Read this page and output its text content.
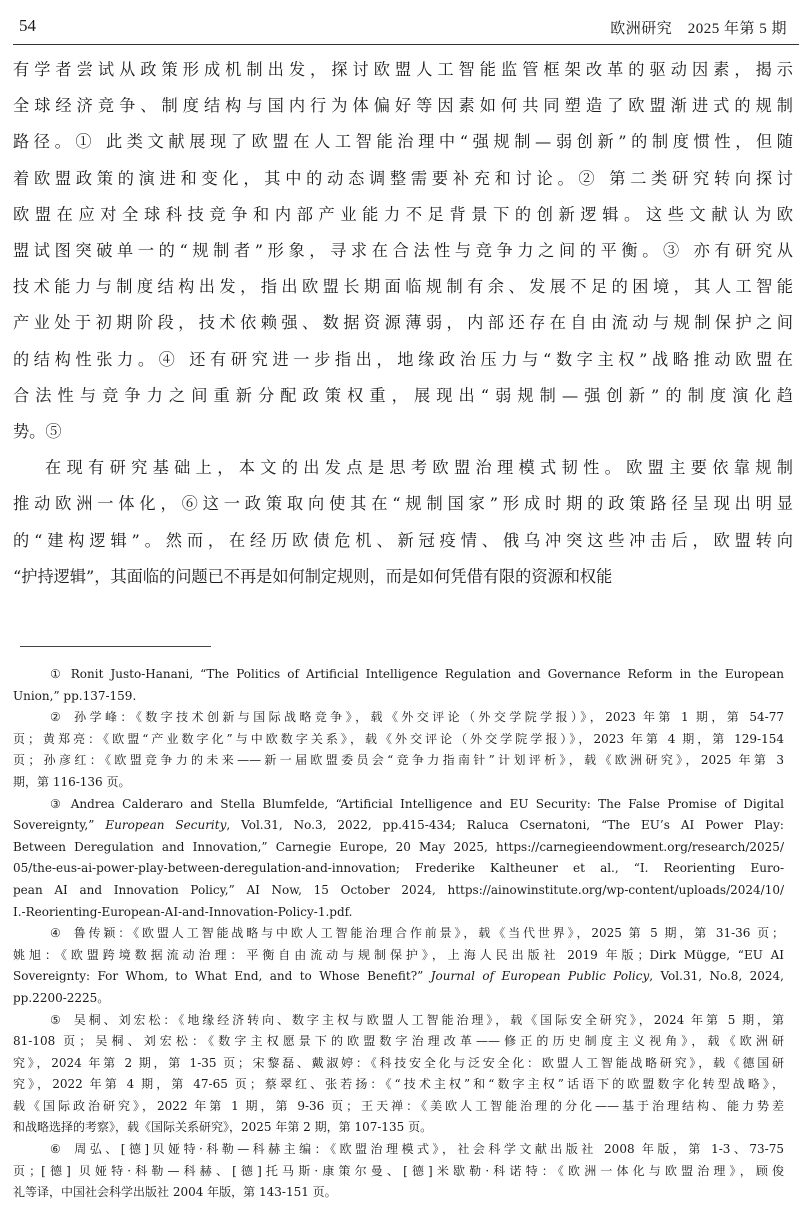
54	欧洲研究　2025 年第 5 期
有学者尝试从政策形成机制出发，探讨欧盟人工智能监管框架改革的驱动因素，揭示
全球经济竞争、制度结构与国内行为体偏好等因素如何共同塑造了欧盟渐进式的规制
路径。① 此类文献展现了欧盟在人工智能治理中“强规制—弱创新”的制度惯性，但随
着欧盟政策的演进和变化，其中的动态调整需要补充和讨论。② 第二类研究转向探讨
欧盟在应对全球科技竞争和内部产业能力不足背景下的创新逻辑。这些文献认为欧
盟试图突破单一的“规制者”形象，寻求在合法性与竞争力之间的平衡。③ 亦有研究从
技术能力与制度结构出发，指出欧盟长期面临规制有余、发展不足的困境，其人工智能
产业处于初期阶段，技术依赖强、数据资源薄弱，内部还存在自由流动与规制保护之间
的结构性张力。④ 还有研究进一步指出，地缘政治压力与“数字主权”战略推动欧盟在
合法性与竞争力之间重新分配政策权重，展现出“弱规制—强创新”的制度演化趋
势。⑤
在现有研究基础上，本文的出发点是思考欧盟治理模式韧性。欧盟主要依靠规制
推动欧洲一体化，⑥这一政策取向使其在“规制国家”形成时期的政策路径呈现出明显
的“建构逻辑”。然而，在经历欧债危机、新冠疫情、俄乌冲突这些冲击后，欧盟转向
“护持逻辑”，其面临的问题已不再是如何制定规则，而是如何凭借有限的资源和权能
① Ronit Justo-Hanani, “The Politics of Artificial Intelligence Regulation and Governance Reform in the European
Union,” pp.137-159.
② 孙学峰：《数字技术创新与国际战略竞争》，载《外交评论（外交学院学报）》，2023 年第 1 期，第 54-77
页；黄郑亮：《欧盟“产业数字化”与中欧数字关系》，载《外交评论（外交学院学报）》，2023 年第 4 期，第 129-154
页；孙彦红：《欧盟竞争力的未来——新一届欧盟委员会“竞争力指南针”计划评析》，载《欧洲研究》，2025 年第 3
期，第 116-136 页。
③ Andrea Calderaro and Stella Blumfelde, “Artificial Intelligence and EU Security: The False Promise of Digital
Sovereignty,” European Security, Vol.31, No.3, 2022, pp.415-434; Raluca Csernatoni, “The EU’s AI Power Play:
Between Deregulation and Innovation,” Carnegie Europe, 20 May 2025, https://carnegieendowment.org/research/2025/
05/the-eus-ai-power-play-between-deregulation-and-innovation; Frederike Kaltheuner et al., “I. Reorienting Euro-
pean AI and Innovation Policy,” AI Now, 15 October 2024, https://ainowinstitute.org/wp-content/uploads/2024/10/
I.-Reorienting-European-AI-and-Innovation-Policy-1.pdf.
④ 鲁传颖：《欧盟人工智能战略与中欧人工智能治理合作前景》，载《当代世界》，2025 第 5 期，第 31-36 页；
姚旭：《欧盟跨境数据流动治理：平衡自由流动与规制保护》，上海人民出版社 2019 年版；Dirk Mügge, “EU AI
Sovereignty: For Whom, to What End, and to Whose Benefit?” Journal of European Public Policy, Vol.31, No.8, 2024,
pp.2200-2225。
⑤ 吴桐、刘宏松：《地缘经济转向、数字主权与欧盟人工智能治理》，载《国际安全研究》，2024 年第 5 期，第
81-108 页；吴桐、刘宏松：《数字主权愿景下的欧盟数字治理改革——修正的历史制度主义视角》，载《欧洲研
究》，2024 年第 2 期，第 1-35 页；宋黎磊、戴淑婷：《科技安全化与泛安全化：欧盟人工智能战略研究》，载《德国研
究》，2022 年第 4 期，第 47-65 页；蔡翠红、张若扬：《“技术主权”和“数字主权”话语下的欧盟数字化转型战略》，
载《国际政治研究》，2022 年第 1 期，第 9-36 页；王天禅：《美欧人工智能治理的分化——基于治理结构、能力势差
和战略选择的考察》，载《国际关系研究》，2025 年第 2 期，第 107-135 页。
⑥ 周弘、[德]贝娅特·科勒—科赫主编：《欧盟治理模式》，社会科学文献出版社 2008 年版，第 1-3、73-75
页；[德] 贝娅特·科勒—科赫、[德]托马斯·康策尔曼、[德]米歇勒·科诺特：《欧洲一体化与欧盟治理》，顾俊
礼等译，中国社会科学出版社 2004 年版，第 143-151 页。
